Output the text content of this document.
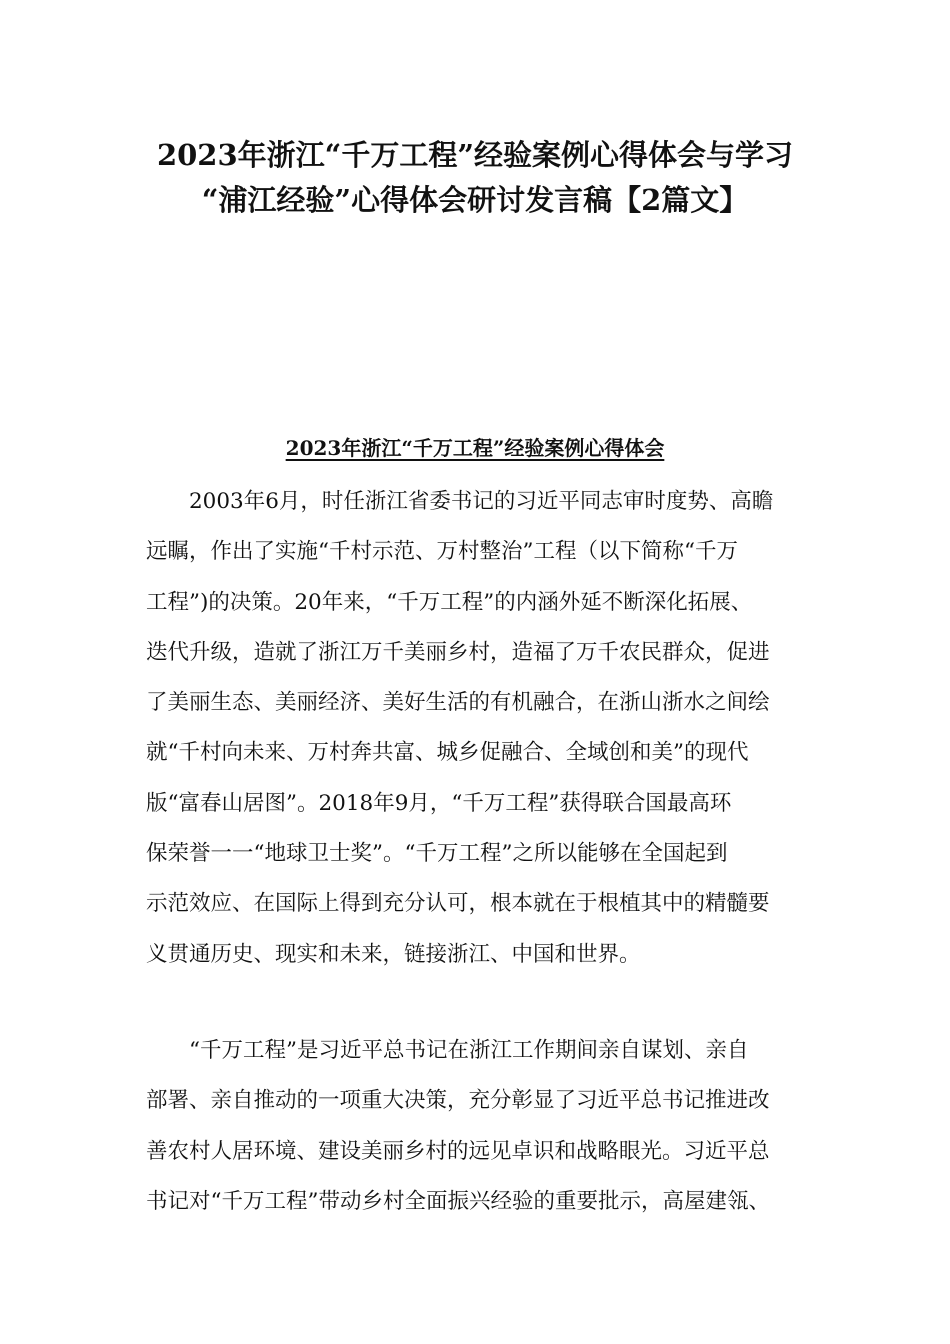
2023年浙江“千万工程”经验案例心得体会与学习
“浦江经验”心得体会研讨发言稿【2篇文】
2023年浙江“千万工程”经验案例心得体会
2003年6月，时任浙江省委书记的习近平同志审时度势、高瞻
远瞩，作出了实施“千村示范、万村整治”工程（以下简称“千万
工程”)的决策。20年来，“千万工程”的内涵外延不断深化拓展、
迭代升级，造就了浙江万千美丽乡村，造福了万千农民群众，促进
了美丽生态、美丽经济、美好生活的有机融合，在浙山浙水之间绘
就“千村向未来、万村奔共富、城乡促融合、全域创和美”的现代
版“富春山居图”。2018年9月，“千万工程”获得联合国最高环
保荣誉一一“地球卫士奖”。“千万工程”之所以能够在全国起到
示范效应、在国际上得到充分认可，根本就在于根植其中的精髓要
义贯通历史、现实和未来，链接浙江、中国和世界。
“千万工程”是习近平总书记在浙江工作期间亲自谋划、亲自
部署、亲自推动的一项重大决策，充分彰显了习近平总书记推进改
善农村人居环境、建设美丽乡村的远见卓识和战略眼光。习近平总
书记对“千万工程”带动乡村全面振兴经验的重要批示，高屋建瓴、
